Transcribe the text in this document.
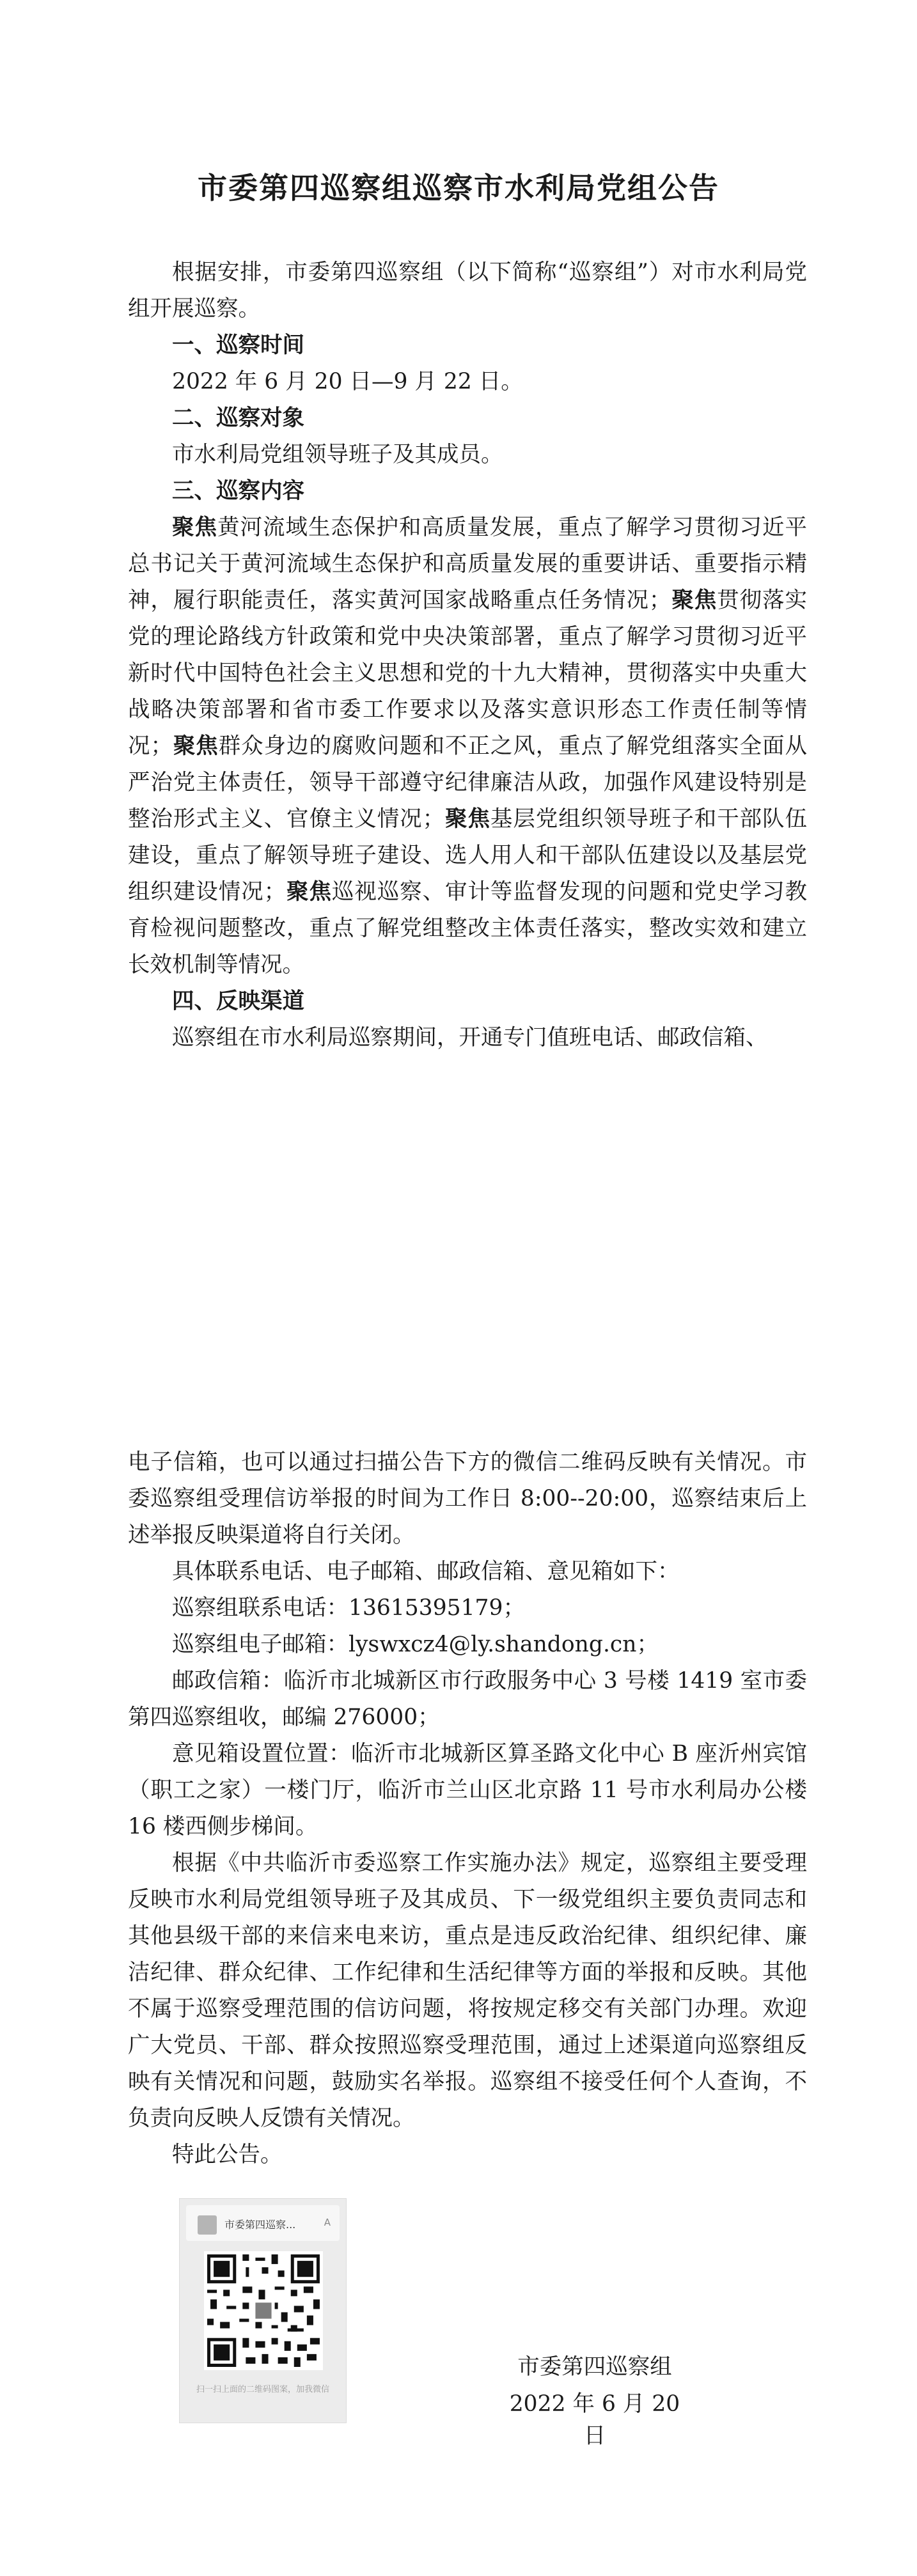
市委第四巡察组巡察市水利局党组公告

根据安排，市委第四巡察组（以下简称“巡察组”）对市水利局党组开展巡察。

一、巡察时间

2022 年 6 月 20 日—9 月 22 日。

二、巡察对象

市水利局党组领导班子及其成员。

三、巡察内容

聚焦黄河流域生态保护和高质量发展，重点了解学习贯彻习近平总书记关于黄河流域生态保护和高质量发展的重要讲话、重要指示精神，履行职能责任，落实黄河国家战略重点任务情况；聚焦贯彻落实党的理论路线方针政策和党中央决策部署，重点了解学习贯彻习近平新时代中国特色社会主义思想和党的十九大精神，贯彻落实中央重大战略决策部署和省市委工作要求以及落实意识形态工作责任制等情况；聚焦群众身边的腐败问题和不正之风，重点了解党组落实全面从严治党主体责任，领导干部遵守纪律廉洁从政，加强作风建设特别是整治形式主义、官僚主义情况；聚焦基层党组织领导班子和干部队伍建设，重点了解领导班子建设、选人用人和干部队伍建设以及基层党组织建设情况；聚焦巡视巡察、审计等监督发现的问题和党史学习教育检视问题整改，重点了解党组整改主体责任落实，整改实效和建立长效机制等情况。

四、反映渠道

巡察组在市水利局巡察期间，开通专门值班电话、邮政信箱、

电子信箱，也可以通过扫描公告下方的微信二维码反映有关情况。市委巡察组受理信访举报的时间为工作日 8:00--20:00，巡察结束后上述举报反映渠道将自行关闭。

具体联系电话、电子邮箱、邮政信箱、意见箱如下：

巡察组联系电话：13615395179；

巡察组电子邮箱：lyswxcz4@ly.shandong.cn；

邮政信箱：临沂市北城新区市行政服务中心 3 号楼 1419 室市委第四巡察组收，邮编 276000；

意见箱设置位置：临沂市北城新区算圣路文化中心 B 座沂州宾馆（职工之家）一楼门厅，临沂市兰山区北京路 11 号市水利局办公楼 16 楼西侧步梯间。

根据《中共临沂市委巡察工作实施办法》规定，巡察组主要受理反映市水利局党组领导班子及其成员、下一级党组织主要负责同志和其他县级干部的来信来电来访，重点是违反政治纪律、组织纪律、廉洁纪律、群众纪律、工作纪律和生活纪律等方面的举报和反映。其他不属于巡察受理范围的信访问题，将按规定移交有关部门办理。欢迎广大党员、干部、群众按照巡察受理范围，通过上述渠道向巡察组反映有关情况和问题，鼓励实名举报。巡察组不接受任何个人查询，不负责向反映人反馈有关情况。

特此公告。

市委第四巡察...	A
扫一扫上面的二维码图案，加我微信

市委第四巡察组

2022 年 6 月 20 日
